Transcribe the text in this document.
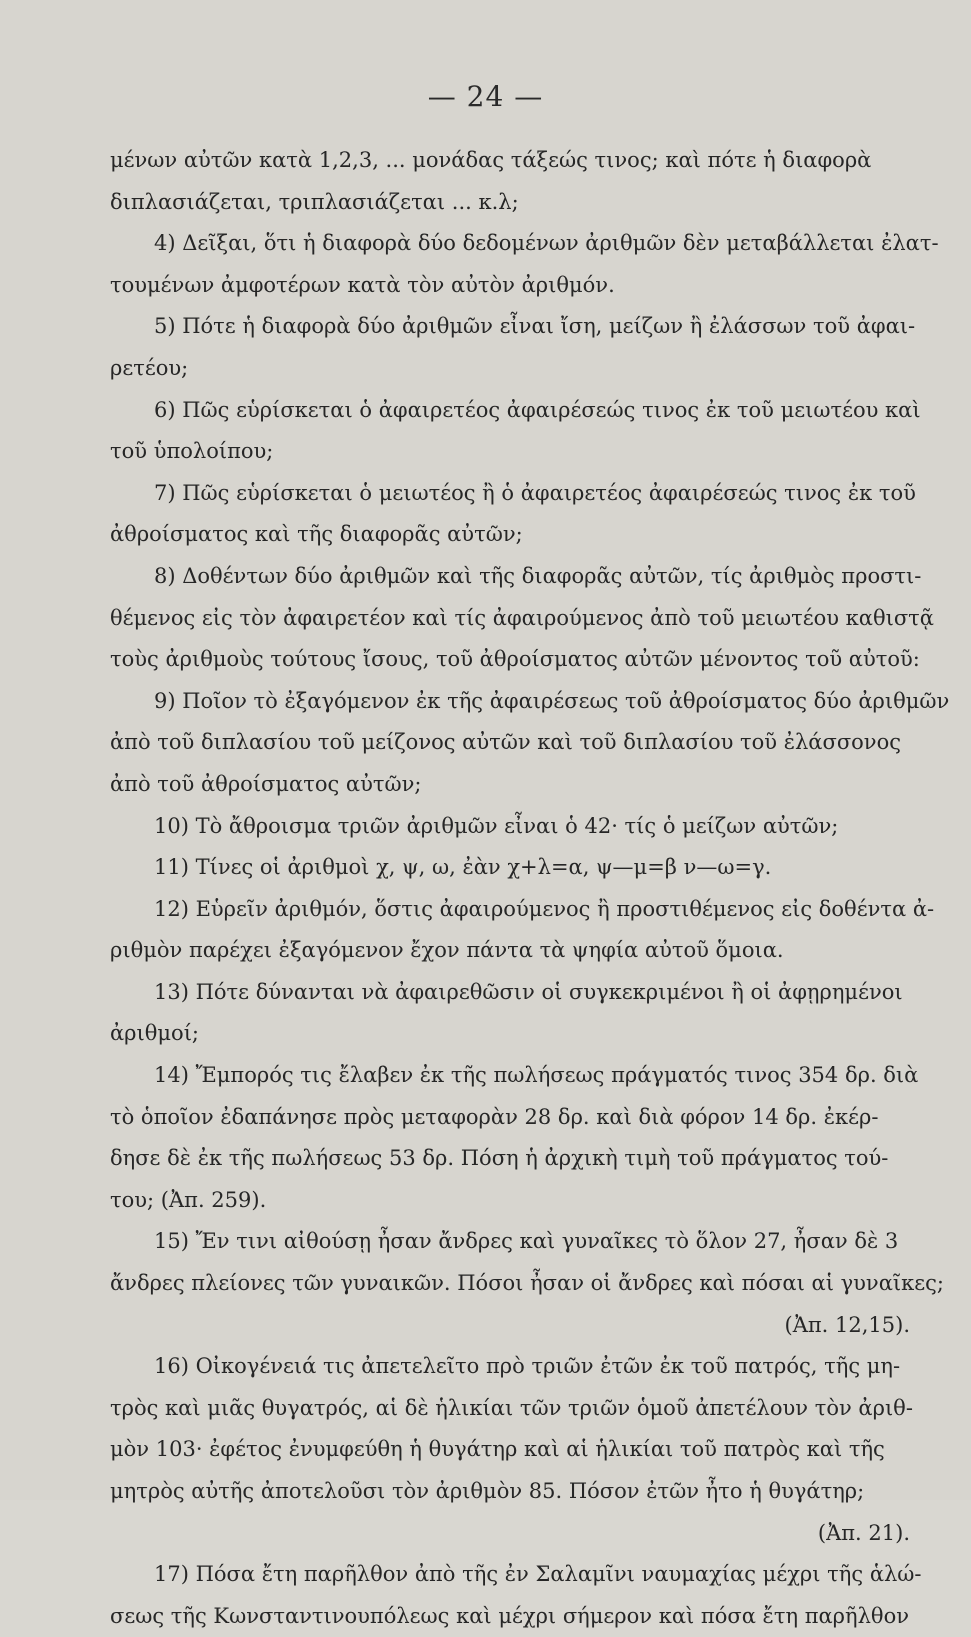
— 24 —
μένων αὐτῶν κατὰ 1,2,3, ... μονάδας τάξεώς τινος; καὶ πότε ἡ διαφορὰ
διπλασιάζεται, τριπλασιάζεται ... κ.λ;
4) Δεῖξαι, ὅτι ἡ διαφορὰ δύο δεδομένων ἀριθμῶν δὲν μεταβάλλεται ἐλατ-
τουμένων ἀμφοτέρων κατὰ τὸν αὐτὸν ἀριθμόν.
5) Πότε ἡ διαφορὰ δύο ἀριθμῶν εἶναι ἴση, μείζων ἢ ἐλάσσων τοῦ ἀφαι-
ρετέου;
6) Πῶς εὑρίσκεται ὁ ἀφαιρετέος ἀφαιρέσεώς τινος ἐκ τοῦ μειωτέου καὶ
τοῦ ὑπολοίπου;
7) Πῶς εὑρίσκεται ὁ μειωτέος ἢ ὁ ἀφαιρετέος ἀφαιρέσεώς τινος ἐκ τοῦ
ἀθροίσματος καὶ τῆς διαφορᾶς αὐτῶν;
8) Δοθέντων δύο ἀριθμῶν καὶ τῆς διαφορᾶς αὐτῶν, τίς ἀριθμὸς προστι-
θέμενος εἰς τὸν ἀφαιρετέον καὶ τίς ἀφαιρούμενος ἀπὸ τοῦ μειωτέου καθιστᾷ
τοὺς ἀριθμοὺς τούτους ἴσους, τοῦ ἀθροίσματος αὐτῶν μένοντος τοῦ αὐτοῦ:
9) Ποῖον τὸ ἐξαγόμενον ἐκ τῆς ἀφαιρέσεως τοῦ ἀθροίσματος δύο ἀριθμῶν
ἀπὸ τοῦ διπλασίου τοῦ μείζονος αὐτῶν καὶ τοῦ διπλασίου τοῦ ἐλάσσονος
ἀπὸ τοῦ ἀθροίσματος αὐτῶν;
10) Τὸ ἄθροισμα τριῶν ἀριθμῶν εἶναι ὁ 42· τίς ὁ μείζων αὐτῶν;
11) Τίνες οἱ ἀριθμοὶ χ, ψ, ω, ἐὰν χ+λ=α, ψ—μ=β ν—ω=γ.
12) Εὑρεῖν ἀριθμόν, ὅστις ἀφαιρούμενος ἢ προστιθέμενος εἰς δοθέντα ἀ-
ριθμὸν παρέχει ἐξαγόμενον ἔχον πάντα τὰ ψηφία αὐτοῦ ὅμοια.
13) Πότε δύνανται νὰ ἀφαιρεθῶσιν οἱ συγκεκριμένοι ἢ οἱ ἀφῃρημένοι
ἀριθμοί;
14) Ἔμπορός τις ἔλαβεν ἐκ τῆς πωλήσεως πράγματός τινος 354 δρ. διὰ
τὸ ὁποῖον ἐδαπάνησε πρὸς μεταφορὰν 28 δρ. καὶ διὰ φόρον 14 δρ. ἐκέρ-
δησε δὲ ἐκ τῆς πωλήσεως 53 δρ. Πόση ἡ ἀρχικὴ τιμὴ τοῦ πράγματος τού-
του; (Ἀπ. 259).
15) Ἔν τινι αἰθούσῃ ἦσαν ἄνδρες καὶ γυναῖκες τὸ ὅλον 27, ἦσαν δὲ 3
ἄνδρες πλείονες τῶν γυναικῶν. Πόσοι ἦσαν οἱ ἄνδρες καὶ πόσαι αἱ γυναῖκες;
(Ἀπ. 12,15).
16) Οἰκογένειά τις ἀπετελεῖτο πρὸ τριῶν ἐτῶν ἐκ τοῦ πατρός, τῆς μη-
τρὸς καὶ μιᾶς θυγατρός, αἱ δὲ ἡλικίαι τῶν τριῶν ὁμοῦ ἀπετέλουν τὸν ἀριθ-
μὸν 103· ἐφέτος ἐνυμφεύθη ἡ θυγάτηρ καὶ αἱ ἡλικίαι τοῦ πατρὸς καὶ τῆς
μητρὸς αὐτῆς ἀποτελοῦσι τὸν ἀριθμὸν 85. Πόσον ἐτῶν ἦτο ἡ θυγάτηρ;
(Ἀπ. 21).
17) Πόσα ἔτη παρῆλθον ἀπὸ τῆς ἐν Σαλαμῖνι ναυμαχίας μέχρι τῆς ἁλώ-
σεως τῆς Κωνσταντινουπόλεως καὶ μέχρι σήμερον καὶ πόσα ἔτη παρῆλθον
